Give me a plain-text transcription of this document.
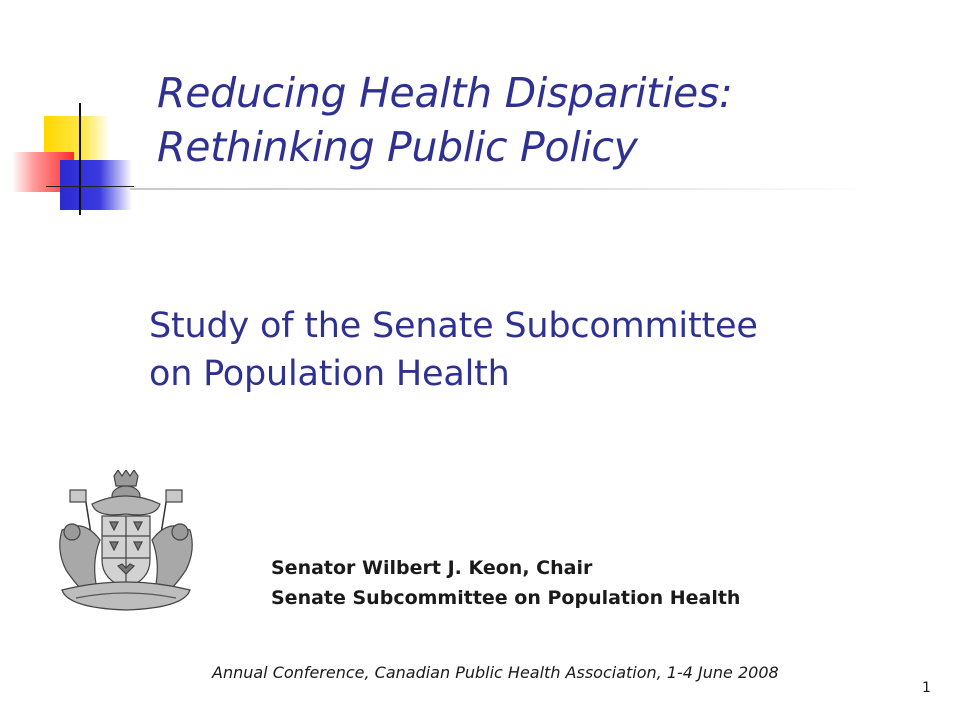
Reducing Health Disparities:
Rethinking Public Policy
Study of the Senate Subcommittee
on Population Health
Senator Wilbert J. Keon, Chair
Senate Subcommittee on Population Health
Annual Conference, Canadian Public Health Association, 1-4 June 2008
1
